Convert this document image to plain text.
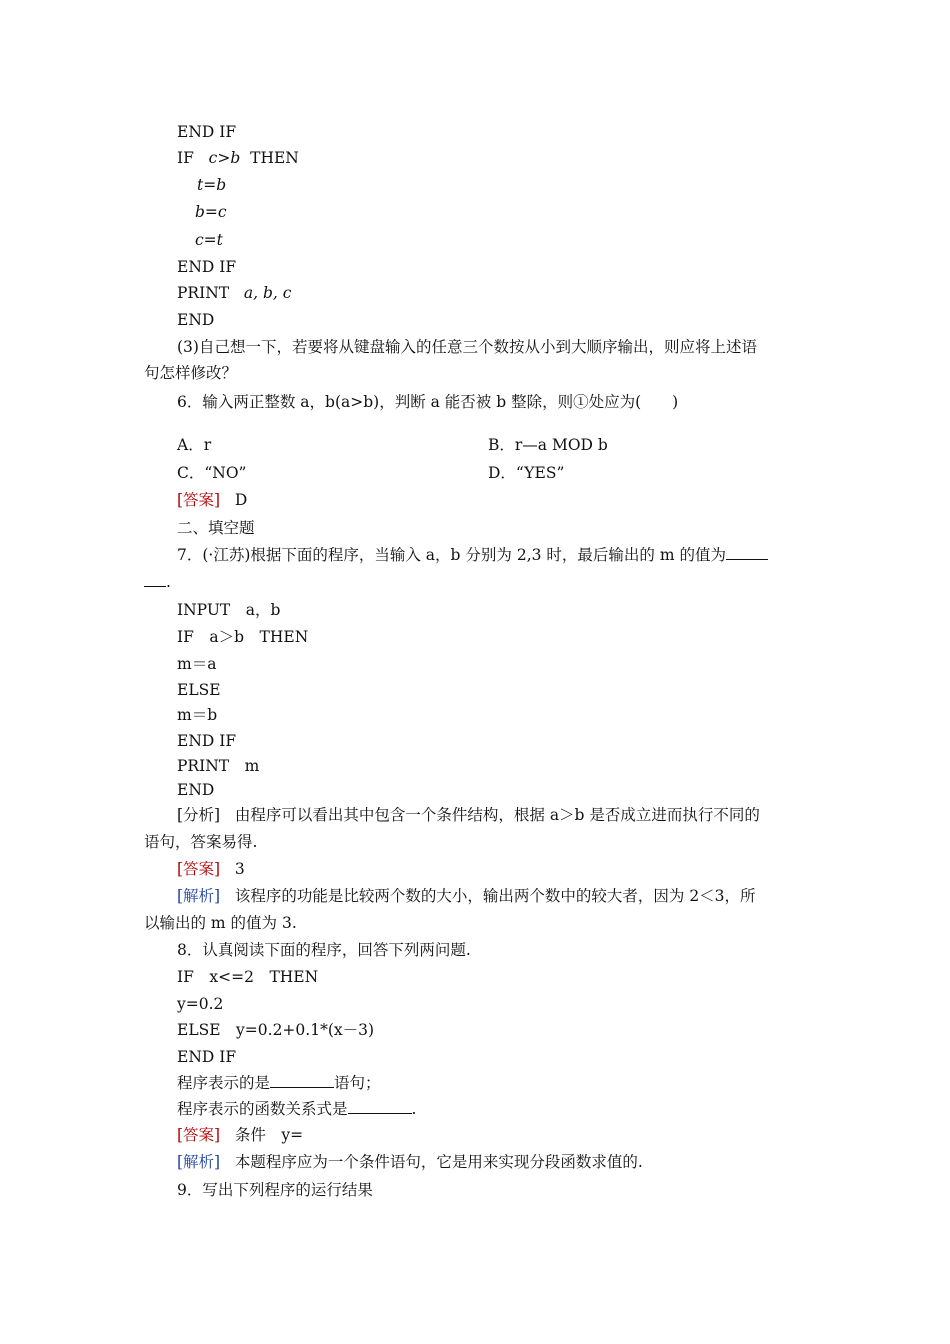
END IF
IF c>b THEN
t=b
b=c
c=t
END IF
PRINT a, b, c
END
(3)自己想一下，若要将从键盘输入的任意三个数按从小到大顺序输出，则应将上述语
句怎样修改？
6．输入两正整数 a，b(a>b)，判断 a 能否被 b 整除，则①处应为(　　)
A．r	B．r—a MOD b
C．“NO”	D．“YES”
[答案] D
二、填空题
7．(·江苏)根据下面的程序，当输入 a，b 分别为 2,3 时，最后输出的 m 的值为
.
INPUT　a，b
IF　a＞b　THEN
m＝a
ELSE
m＝b
END IF
PRINT　m
END
[分析] 由程序可以看出其中包含一个条件结构，根据 a＞b 是否成立进而执行不同的
语句，答案易得.
[答案] 3
[解析] 该程序的功能是比较两个数的大小，输出两个数中的较大者，因为 2＜3，所
以输出的 m 的值为 3.
8．认真阅读下面的程序，回答下列两问题.
IF　x<=2　THEN
y=0.2
ELSE　y=0.2+0.1*(x－3)
END IF
程序表示的是	语句；
程序表示的函数关系式是	.
[答案] 条件　y=
[解析] 本题程序应为一个条件语句，它是用来实现分段函数求值的.
9．写出下列程序的运行结果
